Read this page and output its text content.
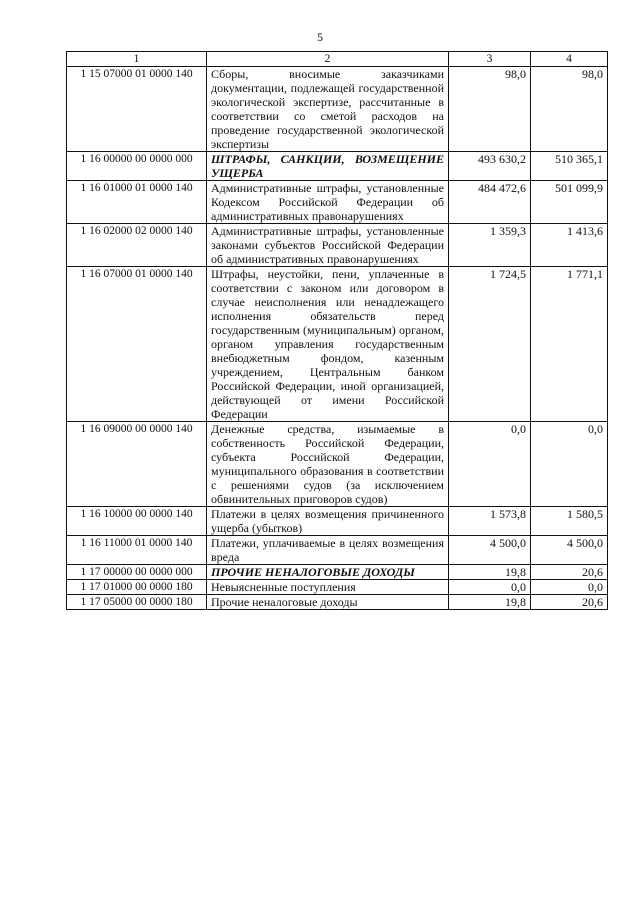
5
1	2	3	4
1 15 07000 01 0000 140	Сборы, вносимые заказчиками документации, подлежащей государственной экологической экспертизе, рассчитанные в соответствии со сметой расходов на проведение государственной экологической экспертизы	98,0	98,0
1 16 00000 00 0000 000	ШТРАФЫ, САНКЦИИ, ВОЗМЕЩЕНИЕ УЩЕРБА	493 630,2	510 365,1
1 16 01000 01 0000 140	Административные штрафы, установленные Кодексом Российской Федерации об административных правонарушениях	484 472,6	501 099,9
1 16 02000 02 0000 140	Административные штрафы, установленные законами субъектов Российской Федерации об административных правонарушениях	1 359,3	1 413,6
1 16 07000 01 0000 140	Штрафы, неустойки, пени, уплаченные в соответствии с законом или договором в случае неисполнения или ненадлежащего исполнения обязательств перед государственным (муниципальным) органом, органом управления государственным внебюджетным фондом, казенным учреждением, Центральным банком Российской Федерации, иной организацией, действующей от имени Российской Федерации	1 724,5	1 771,1
1 16 09000 00 0000 140	Денежные средства, изымаемые в собственность Российской Федерации, субъекта Российской Федерации, муниципального образования в соответствии с решениями судов (за исключением обвинительных приговоров судов)	0,0	0,0
1 16 10000 00 0000 140	Платежи в целях возмещения причиненного ущерба (убытков)	1 573,8	1 580,5
1 16 11000 01 0000 140	Платежи, уплачиваемые в целях возмещения вреда	4 500,0	4 500,0
1 17 00000 00 0000 000	ПРОЧИЕ НЕНАЛОГОВЫЕ ДОХОДЫ	19,8	20,6
1 17 01000 00 0000 180	Невыясненные поступления	0,0	0,0
1 17 05000 00 0000 180	Прочие неналоговые доходы	19,8	20,6
